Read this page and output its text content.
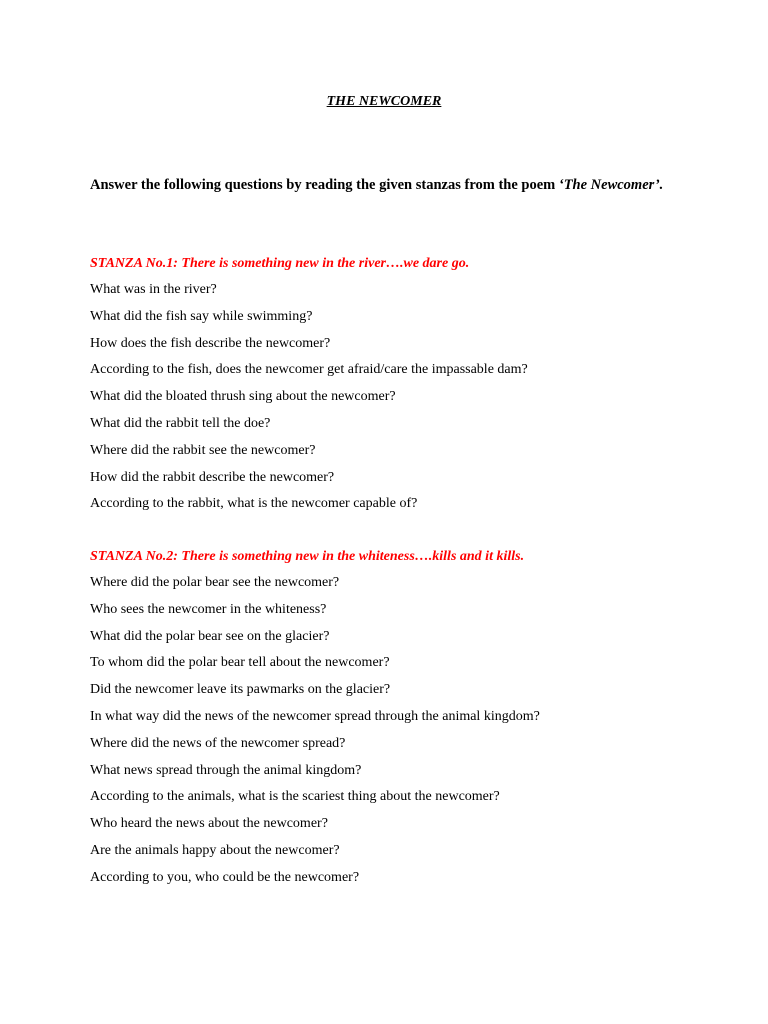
THE NEWCOMER

Answer the following questions by reading the given stanzas from the poem ‘The Newcomer’.

STANZA No.1: There is something new in the river….we dare go.
What was in the river?
What did the fish say while swimming?
How does the fish describe the newcomer?
According to the fish, does the newcomer get afraid/care the impassable dam?
What did the bloated thrush sing about the newcomer?
What did the rabbit tell the doe?
Where did the rabbit see the newcomer?
How did the rabbit describe the newcomer?
According to the rabbit, what is the newcomer capable of?
STANZA No.2: There is something new in the whiteness….kills and it kills.
Where did the polar bear see the newcomer?
Who sees the newcomer in the whiteness?
What did the polar bear see on the glacier?
To whom did the polar bear tell about the newcomer?
Did the newcomer leave its pawmarks on the glacier?
In what way did the news of the newcomer spread through the animal kingdom?
Where did the news of the newcomer spread?
What news spread through the animal kingdom?
According to the animals, what is the scariest thing about the newcomer?
Who heard the news about the newcomer?
Are the animals happy about the newcomer?
According to you, who could be the newcomer?
